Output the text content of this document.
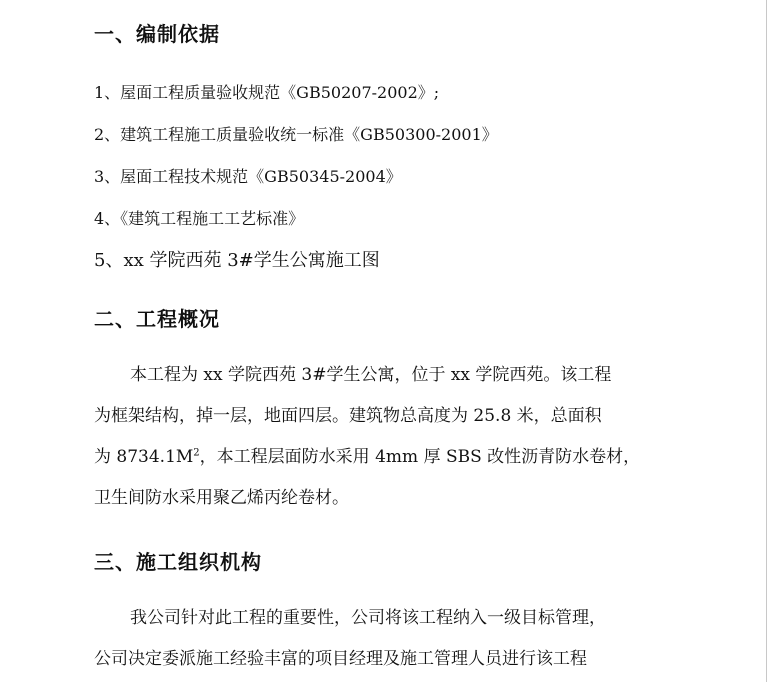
一、编制依据
1、屋面工程质量验收规范《GB50207-2002》;
2、建筑工程施工质量验收统一标准《GB50300-2001》
3、屋面工程技术规范《GB50345-2004》
4、《建筑工程施工工艺标准》
5、xx 学院西苑 3#学生公寓施工图
二、工程概况
本工程为 xx 学院西苑 3#学生公寓，位于 xx 学院西苑。该工程
为框架结构，掉一层，地面四层。建筑物总高度为 25.8 米，总面积
为 $8734.1M^2$，本工程层面防水采用 4mm 厚 SBS 改性沥青防水卷材，
卫生间防水采用聚乙烯丙纶卷材。
三、施工组织机构
我公司针对此工程的重要性，公司将该工程纳入一级目标管理，
公司决定委派施工经验丰富的项目经理及施工管理人员进行该工程
